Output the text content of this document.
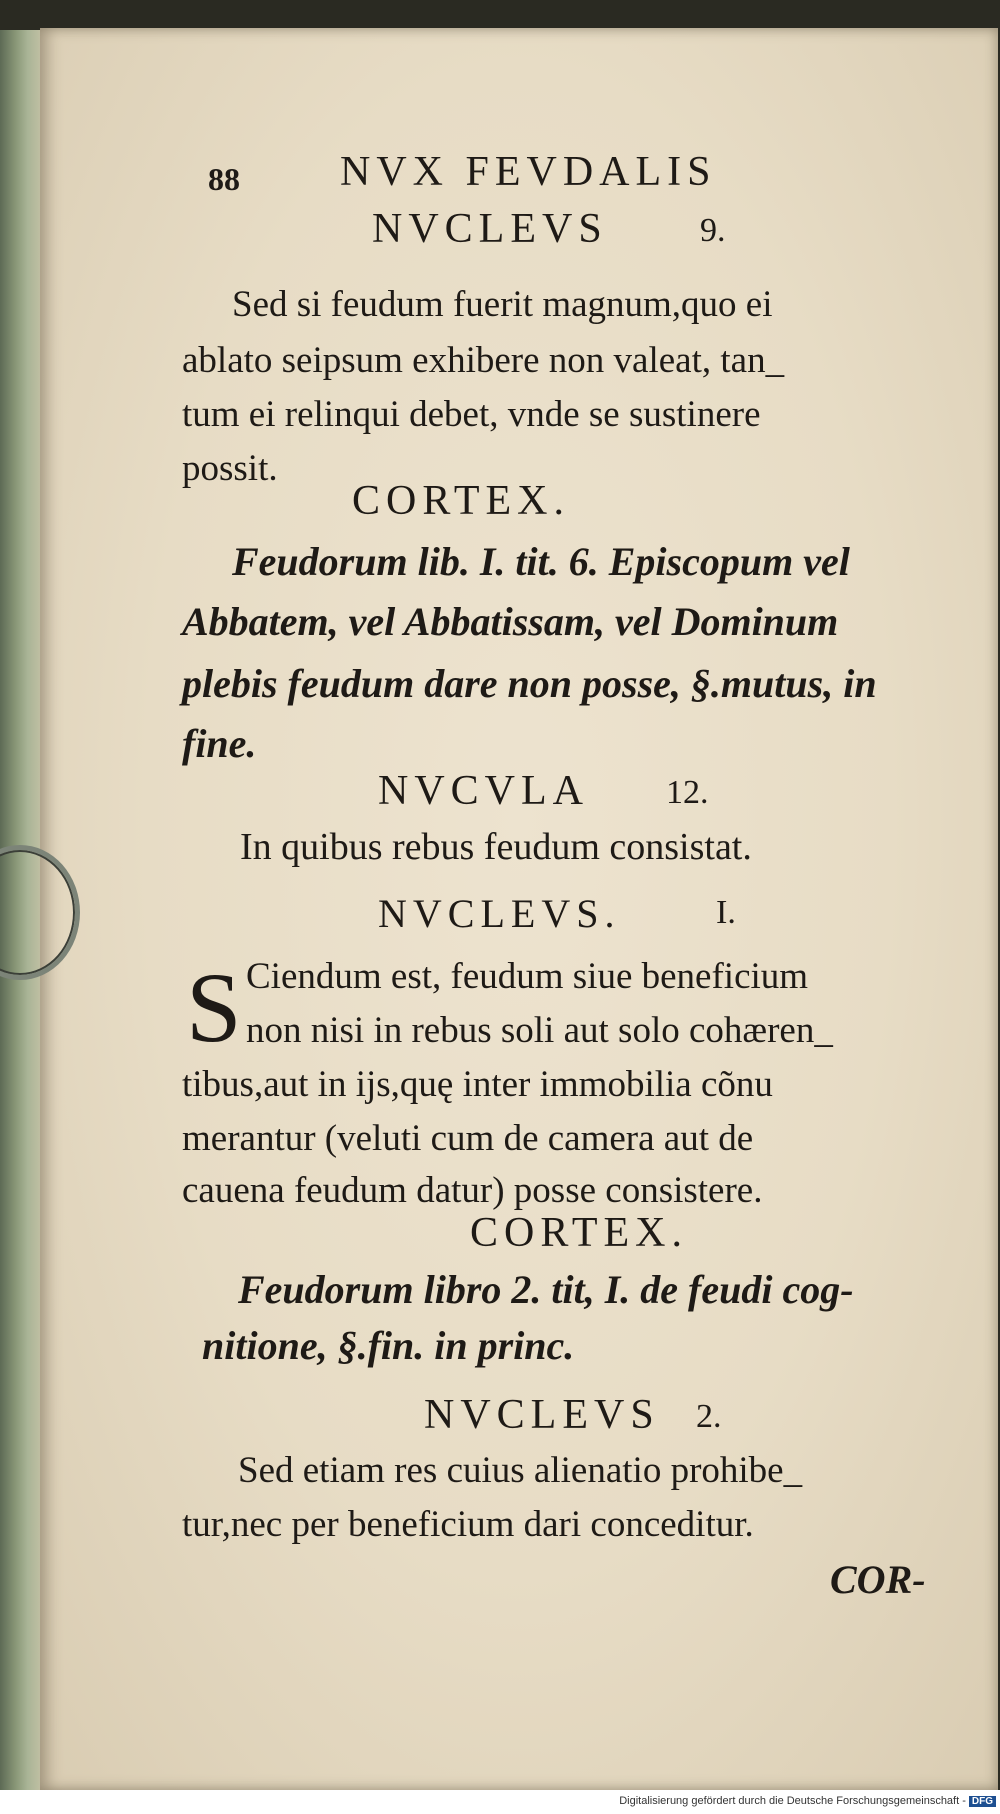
88 NVX FEVDALIS
NVCLEVS	9.
Sed si feudum fuerit magnum,quo ei
ablato seipsum exhibere non valeat, tan_
tum ei relinqui debet, vnde se sustinere
possit.
CORTEX.
Feudorum lib. I. tit. 6. Episcopum vel
Abbatem, vel Abbatissam, vel Dominum
plebis feudum dare non posse, §.mutus, in
fine.
NVCVLA 12.
In quibus rebus feudum consistat.
NVCLEVS.	I.
S Ciendum est, feudum siue beneficium
non nisi in rebus soli aut solo cohæren_
tibus,aut in ijs,quę inter immobilia cõnu
merantur (veluti cum de camera aut de
cauena feudum datur) posse consistere.
CORTEX.
Feudorum libro 2. tit, I. de feudi cog-
nitione, §.fin. in princ.
NVCLEVS 2.
Sed etiam res cuius alienatio prohibe_
tur,nec per beneficium dari conceditur.
COR-
Digitalisierung gefördert durch die Deutsche Forschungsgemeinschaft - DFG
